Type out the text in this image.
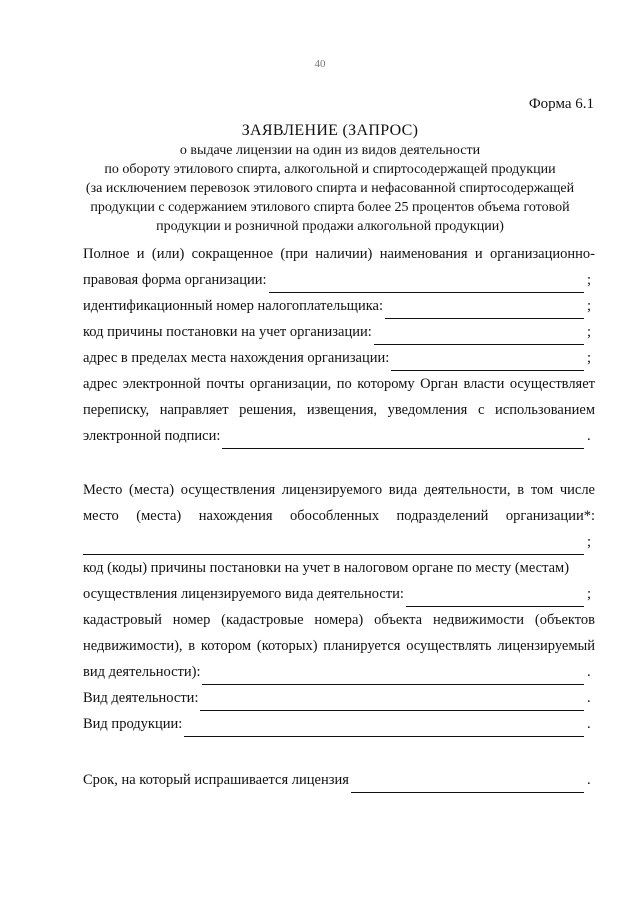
40
Форма 6.1
ЗАЯВЛЕНИЕ (ЗАПРОС)
о выдаче лицензии на один из видов деятельности
по обороту этилового спирта, алкогольной и спиртосодержащей продукции
(за исключением перевозок этилового спирта и нефасованной спиртосодержащей
продукции с содержанием этилового спирта более 25 процентов объема готовой
продукции и розничной продажи алкогольной продукции)
Полное и (или) сокращенное (при наличии) наименования и организационно-
правовая форма организации:	;
идентификационный номер налогоплательщика:	;
код причины постановки на учет организации:	;
адрес в пределах места нахождения организации:	;
адрес электронной почты организации, по которому Орган власти осуществляет переписку, направляет решения, извещения, уведомления с использованием
электронной подписи:	.
Место (места) осуществления лицензируемого вида деятельности, в том числе место (места) нахождения обособленных подразделений организации*:
;
код (коды) причины постановки на учет в налоговом органе по месту (местам)
осуществления лицензируемого вида деятельности:	;
кадастровый номер (кадастровые номера) объекта недвижимости (объектов недвижимости), в котором (которых) планируется осуществлять лицензируемый
вид деятельности):	.
Вид деятельности:	.
Вид продукции:	.
Срок, на который испрашивается лицензия	.
